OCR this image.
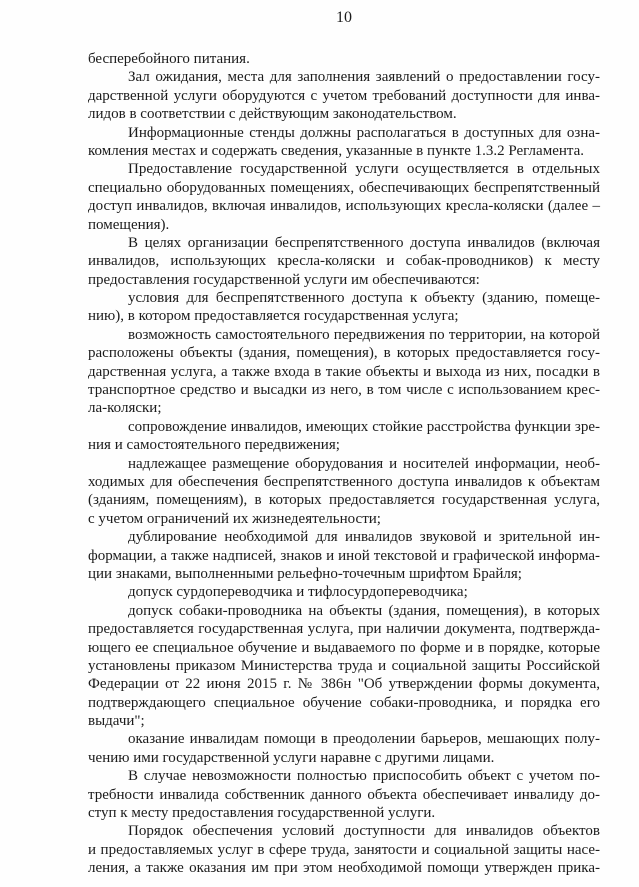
10
бесперебойного питания.
Зал ожидания, места для заполнения заявлений о предоставлении госу-
дарственной услуги оборудуются с учетом требований доступности для инва-
лидов в соответствии с действующим законодательством.
Информационные стенды должны располагаться в доступных для озна-
комления местах и содержать сведения, указанные в пункте 1.3.2 Регламента.
Предоставление государственной услуги осуществляется в отдельных
специально оборудованных помещениях, обеспечивающих беспрепятственный
доступ инвалидов, включая инвалидов, использующих кресла-коляски (далее –
помещения).
В целях организации беспрепятственного доступа инвалидов (включая
инвалидов, использующих кресла-коляски и собак-проводников) к месту
предоставления государственной услуги им обеспечиваются:
условия для беспрепятственного доступа к объекту (зданию, помеще-
нию), в котором предоставляется государственная услуга;
возможность самостоятельного передвижения по территории, на которой
расположены объекты (здания, помещения), в которых предоставляется госу-
дарственная услуга, а также входа в такие объекты и выхода из них, посадки в
транспортное средство и высадки из него, в том числе с использованием крес-
ла-коляски;
сопровождение инвалидов, имеющих стойкие расстройства функции зре-
ния и самостоятельного передвижения;
надлежащее размещение оборудования и носителей информации, необ-
ходимых для обеспечения беспрепятственного доступа инвалидов к объектам
(зданиям, помещениям), в которых предоставляется государственная услуга,
с учетом ограничений их жизнедеятельности;
дублирование необходимой для инвалидов звуковой и зрительной ин-
формации, а также надписей, знаков и иной текстовой и графической информа-
ции знаками, выполненными рельефно-точечным шрифтом Брайля;
допуск сурдопереводчика и тифлосурдопереводчика;
допуск собаки-проводника на объекты (здания, помещения), в которых
предоставляется государственная услуга, при наличии документа, подтвержда-
ющего ее специальное обучение и выдаваемого по форме и в порядке, которые
установлены приказом Министерства труда и социальной защиты Российской
Федерации от 22 июня 2015 г. № 386н "Об утверждении формы документа,
подтверждающего специальное обучение собаки-проводника, и порядка его
выдачи";
оказание инвалидам помощи в преодолении барьеров, мешающих полу-
чению ими государственной услуги наравне с другими лицами.
В случае невозможности полностью приспособить объект с учетом по-
требности инвалида собственник данного объекта обеспечивает инвалиду до-
ступ к месту предоставления государственной услуги.
Порядок обеспечения условий доступности для инвалидов объектов
и предоставляемых услуг в сфере труда, занятости и социальной защиты насе-
ления, а также оказания им при этом необходимой помощи утвержден прика-
